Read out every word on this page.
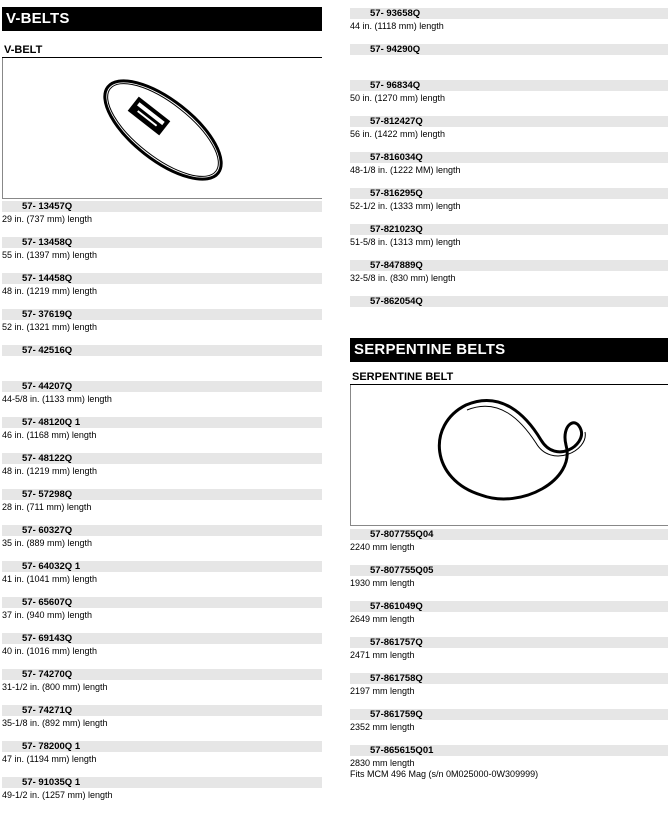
V-BELTS
V-BELT
57- 13457Q
29 in. (737 mm) length
57- 13458Q
55 in. (1397 mm) length
57- 14458Q
48 in. (1219 mm) length
57- 37619Q
52 in. (1321 mm) length
57- 42516Q
57- 44207Q
44-5/8 in. (1133 mm) length
57- 48120Q 1
46 in. (1168 mm) length
57- 48122Q
48 in. (1219 mm) length
57- 57298Q
28 in. (711 mm) length
57- 60327Q
35 in. (889 mm) length
57- 64032Q 1
41 in. (1041 mm) length
57- 65607Q
37 in. (940 mm) length
57- 69143Q
40 in. (1016 mm) length
57- 74270Q
31-1/2 in. (800 mm) length
57- 74271Q
35-1/8 in. (892 mm) length
57- 78200Q 1
47 in. (1194 mm) length
57- 91035Q 1
49-1/2 in. (1257 mm) length
57- 93658Q
44 in. (1118 mm) length
57- 94290Q
57- 96834Q
50 in. (1270 mm) length
57-812427Q
56 in. (1422 mm) length
57-816034Q
48-1/8 in. (1222 MM) length
57-816295Q
52-1/2 in. (1333 mm) length
57-821023Q
51-5/8 in. (1313 mm) length
57-847889Q
32-5/8 in. (830 mm) length
57-862054Q
SERPENTINE BELTS
SERPENTINE BELT
57-807755Q04
2240 mm length
57-807755Q05
1930 mm length
57-861049Q
2649 mm length
57-861757Q
2471 mm length
57-861758Q
2197 mm length
57-861759Q
2352 mm length
57-865615Q01
2830 mm length
Fits MCM 496 Mag (s/n 0M025000-0W309999)
